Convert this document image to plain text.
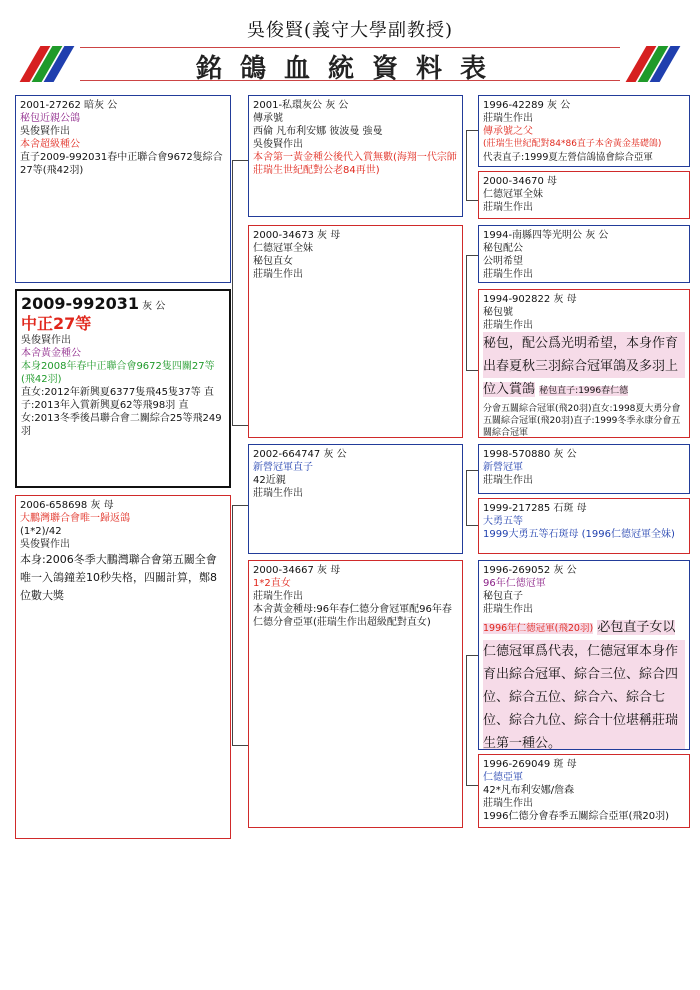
吳俊賢(義守大學副教授)
銘鴿血統資料表
2001-27262 暗灰 公
秘包近親公鴿
吳俊賢作出
本舍超級種公
直子2009-992031春中正聯合會9672隻綜合27等(飛42羽)
2009-992031 灰 公
中正27等
吳俊賢作出
本舍黃金種公
本身2008年春中正聯合會9672隻四關27等(飛42羽)
直女:2012年新興夏6377隻飛45隻37等 直子:2013年入賞新興夏62等飛98羽 直女:2013冬季後昌聯合會二關綜合25等飛249羽
2006-658698 灰 母
大鵬灣聯合會唯一歸返鴿
(1*2)/42
吳俊賢作出
本身:2006冬季大鵬灣聯合會第五關全會唯一入鴿鐘差10秒失格，四關計算，鄭8位數大獎
2001-私環灰公 灰 公
傳承號
西倫 凡布利安娜 彼波曼 強曼
吳俊賢作出
本舍第一黃金種公後代入賞無數(海翔一代宗師莊瑞生世紀配對公老84再世)
2000-34673 灰 母
仁德冠軍全妹
秘包直女
莊瑞生作出
2002-664747 灰 公
新營冠軍直子
42近親
莊瑞生作出
2000-34667 灰 母
1*2直女
莊瑞生作出
本舍黃金種母:96年春仁德分會冠軍配96年春仁德分會亞軍(莊瑞生作出超級配對直女)
1996-42289 灰 公
莊瑞生作出
傳承號之父
(莊瑞生世紀配對84*86直子本舍黃金基礎鴿)
代表直子:1999夏左營信鴿協會綜合亞軍
2000-34670 母
仁德冠軍全妹
莊瑞生作出
1994-南縣四等光明公 灰 公
秘包配公
公明希望
莊瑞生作出
1994-902822 灰 母
秘包號
莊瑞生作出
秘包，配公爲光明希望，本身作育
出春夏秋三羽綜合冠軍鴿及多羽上
位入賞鴿 秘包直子:1996春仁德
分會五關綜合冠軍(飛20羽)直女:1998夏大勇分會五關綜合冠軍(飛20羽)直子:1999冬季永康分會五關綜合冠軍
1998-570880 灰 公
新營冠軍
莊瑞生作出
1999-217285 石斑 母
大勇五等
1999大勇五等石斑母 (1996仁德冠軍全妹)
1996-269052 灰 公
96年仁德冠軍
秘包直子
莊瑞生作出
1996年仁德冠軍(飛20羽) 必包直子女以
仁德冠軍爲代表，仁德冠軍本身作
育出綜合冠軍、綜合三位、綜合四
位、綜合五位、綜合六、綜合七
位、綜合九位、綜合十位堪稱莊瑞
生第一種公。
1996-269049 斑 母
仁德亞軍
42*凡布利安娜/詹森
莊瑞生作出
1996仁德分會春季五關綜合亞軍(飛20羽)
